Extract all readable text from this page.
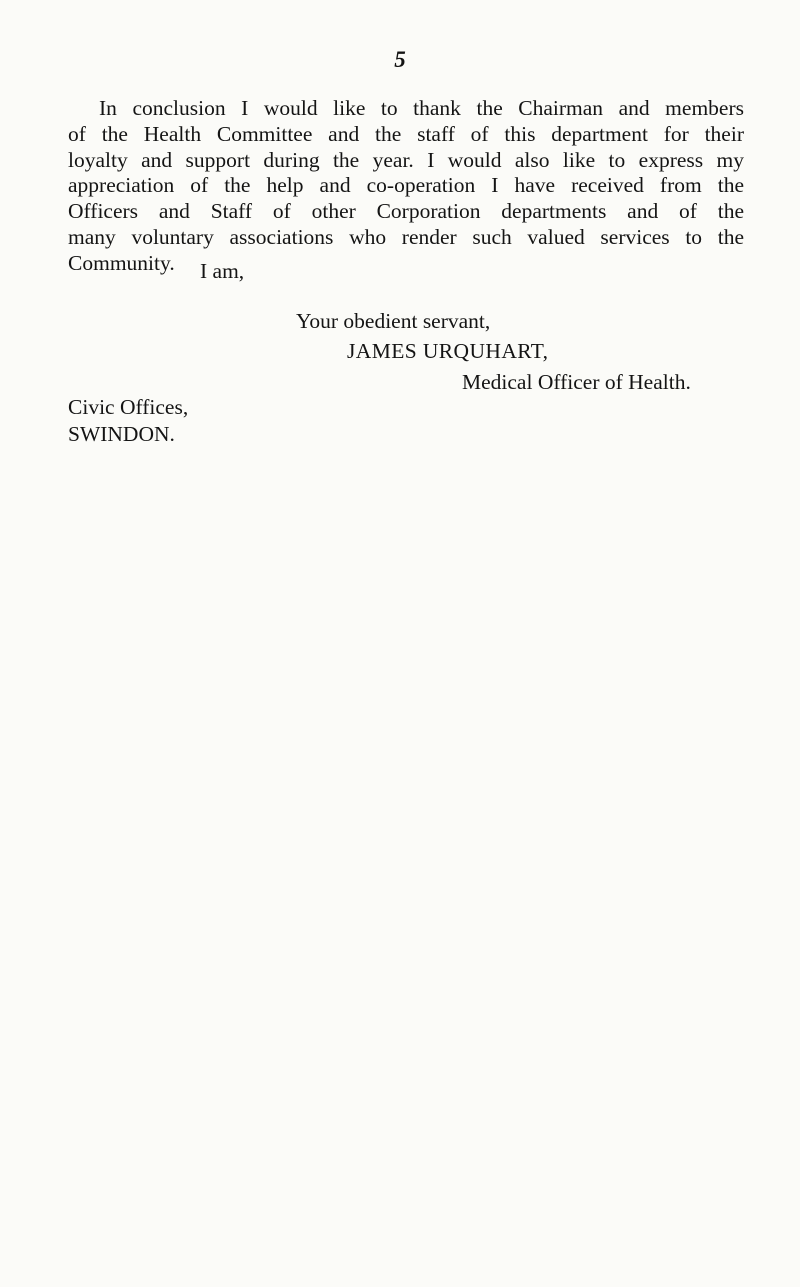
5
In conclusion I would like to thank the Chairman and members
of the Health Committee and the staff of this department for their
loyalty and support during the year. I would also like to express my
appreciation of the help and co-operation I have received from the
Officers and Staff of other Corporation departments and of the
many voluntary associations who render such valued services to the
Community.	I am,
Your obedient servant,
JAMES URQUHART,
Medical Officer of Health.
Civic Offices,
SWINDON.
